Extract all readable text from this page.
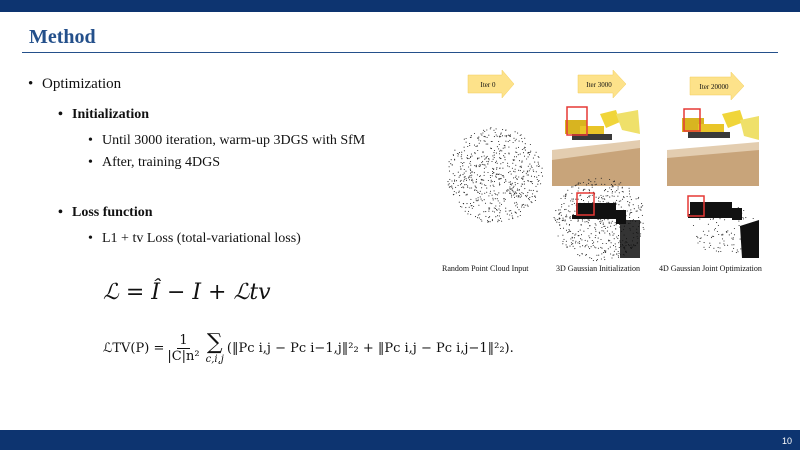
Method
• Optimization
• Initialization
• Until 3000 iteration, warm-up 3DGS with SfM
• After, training 4DGS
• Loss function
• L1 + tv Loss (total-variational loss)
ℒ = Î − I + ℒtv
ℒTV(P) = $\frac{1}{\text{|C|n²}}$ ∑
c,i,j
(‖Pc i,j − Pc i−1,j‖²₂ + ‖Pc i,j − Pc i,j−1‖²₂).
Iter 0	Iter 3000	Iter 20000
Random Point Cloud Input	3D Gaussian Initialization 4D Gaussian Joint Optimization
10
